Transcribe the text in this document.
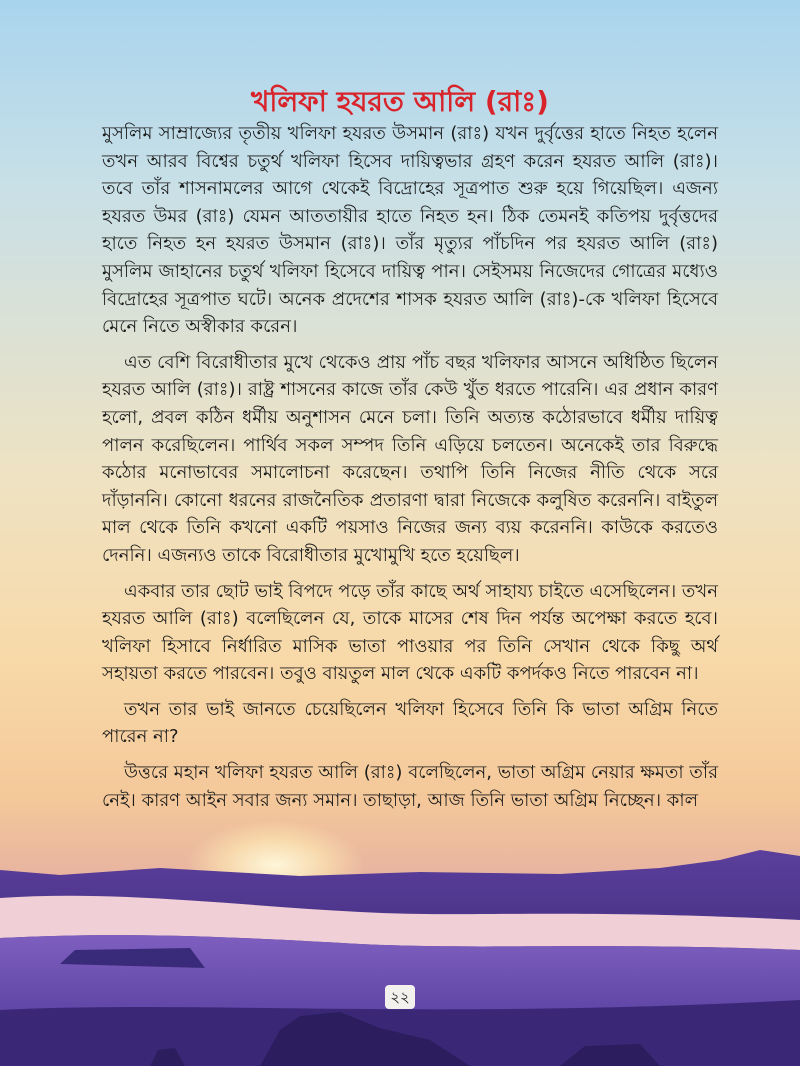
খলিফা হযরত আলি (রাঃ)

মুসলিম সাম্রাজ্যের তৃতীয় খলিফা হযরত উসমান (রাঃ) যখন দুর্বৃত্তের হাতে নিহত হলেন তখন আরব বিশ্বের চতুর্থ খলিফা হিসেব দায়িত্বভার গ্রহণ করেন হযরত আলি (রাঃ)। তবে তাঁর শাসনামলের আগে থেকেই বিদ্রোহের সূত্রপাত শুরু হয়ে গিয়েছিল। এজন্য হযরত উমর (রাঃ) যেমন আততায়ীর হাতে নিহত হন। ঠিক তেমনই কতিপয় দুর্বৃত্তদের হাতে নিহত হন হযরত উসমান (রাঃ)। তাঁর মৃত্যুর পাঁচদিন পর হযরত আলি (রাঃ) মুসলিম জাহানের চতুর্থ খলিফা হিসেবে দায়িত্ব পান। সেইসময় নিজেদের গোত্রের মধ্যেও বিদ্রোহের সূত্রপাত ঘটে। অনেক প্রদেশের শাসক হযরত আলি (রাঃ)-কে খলিফা হিসেবে মেনে নিতে অস্বীকার করেন।

এত বেশি বিরোধীতার মুখে থেকেও প্রায় পাঁচ বছর খলিফার আসনে অধিষ্ঠিত ছিলেন হযরত আলি (রাঃ)। রাষ্ট্র শাসনের কাজে তাঁর কেউ খুঁত ধরতে পারেনি। এর প্রধান কারণ হলো, প্রবল কঠিন ধর্মীয় অনুশাসন মেনে চলা। তিনি অত্যন্ত কঠোরভাবে ধর্মীয় দায়িত্ব পালন করেছিলেন। পার্থিব সকল সম্পদ তিনি এড়িয়ে চলতেন। অনেকেই তার বিরুদ্ধে কঠোর মনোভাবের সমালোচনা করেছেন। তথাপি তিনি নিজের নীতি থেকে সরে দাঁড়াননি। কোনো ধরনের রাজনৈতিক প্রতারণা দ্বারা নিজেকে কলুষিত করেননি। বাইতুল মাল থেকে তিনি কখনো একটি পয়সাও নিজের জন্য ব্যয় করেননি। কাউকে করতেও দেননি। এজন্যও তাকে বিরোধীতার মুখোমুখি হতে হয়েছিল।

একবার তার ছোট ভাই বিপদে পড়ে তাঁর কাছে অর্থ সাহায্য চাইতে এসেছিলেন। তখন হযরত আলি (রাঃ) বলেছিলেন যে, তাকে মাসের শেষ দিন পর্যন্ত অপেক্ষা করতে হবে। খলিফা হিসাবে নির্ধারিত মাসিক ভাতা পাওয়ার পর তিনি সেখান থেকে কিছু অর্থ সহায়তা করতে পারবেন। তবুও বায়তুল মাল থেকে একটি কপর্দকও নিতে পারবেন না।

তখন তার ভাই জানতে চেয়েছিলেন খলিফা হিসেবে তিনি কি ভাতা অগ্রিম নিতে পারেন না?

উত্তরে মহান খলিফা হযরত আলি (রাঃ) বলেছিলেন, ভাতা অগ্রিম নেয়ার ক্ষমতা তাঁর নেই। কারণ আইন সবার জন্য সমান। তাছাড়া, আজ তিনি ভাতা অগ্রিম নিচ্ছেন। কাল

২২
